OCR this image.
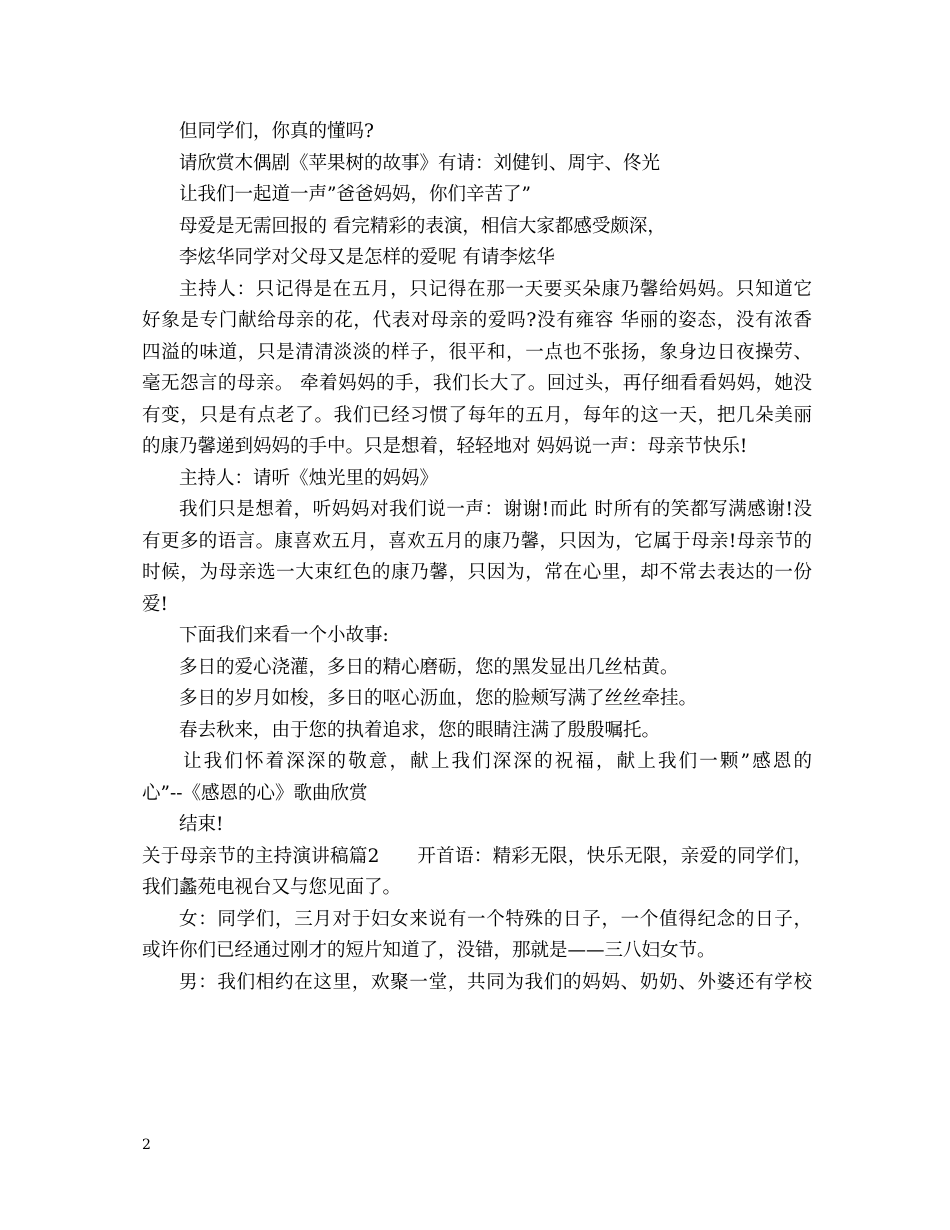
但同学们，你真的懂吗?
请欣赏木偶剧《苹果树的故事》有请：刘健钊、周宇、佟光
让我们一起道一声”爸爸妈妈，你们辛苦了”
母爱是无需回报的 看完精彩的表演，相信大家都感受颇深，
李炫华同学对父母又是怎样的爱呢 有请李炫华
主持人：只记得是在五月，只记得在那一天要买朵康乃馨给妈妈。只知道它
好象是专门献给母亲的花，代表对母亲的爱吗?没有雍容 华丽的姿态，没有浓香
四溢的味道，只是清清淡淡的样子，很平和，一点也不张扬，象身边日夜操劳、
毫无怨言的母亲。 牵着妈妈的手，我们长大了。回过头，再仔细看看妈妈，她没
有变，只是有点老了。我们已经习惯了每年的五月，每年的这一天，把几朵美丽
的康乃馨递到妈妈的手中。只是想着，轻轻地对 妈妈说一声：母亲节快乐!
主持人：请听《烛光里的妈妈》
我们只是想着，听妈妈对我们说一声：谢谢!而此 时所有的笑都写满感谢!没
有更多的语言。康喜欢五月，喜欢五月的康乃馨，只因为，它属于母亲!母亲节的
时候，为母亲选一大束红色的康乃馨，只因为，常在心里，却不常去表达的一份
爱!
下面我们来看一个小故事:
多日的爱心浇灌，多日的精心磨砺，您的黑发显出几丝枯黄。
多日的岁月如梭，多日的呕心沥血，您的脸颊写满了丝丝牵挂。
春去秋来，由于您的执着追求，您的眼睛注满了殷殷嘱托。
让我们怀着深深的敬意，献上我们深深的祝福，献上我们一颗”感恩的
心”--《感恩的心》歌曲欣赏
结束!
关于母亲节的主持演讲稿篇2　　开首语：精彩无限，快乐无限，亲爱的同学们，
我们蠡苑电视台又与您见面了。
女：同学们，三月对于妇女来说有一个特殊的日子，一个值得纪念的日子，
或许你们已经通过刚才的短片知道了，没错，那就是——三八妇女节。
男：我们相约在这里，欢聚一堂，共同为我们的妈妈、奶奶、外婆还有学校
2
